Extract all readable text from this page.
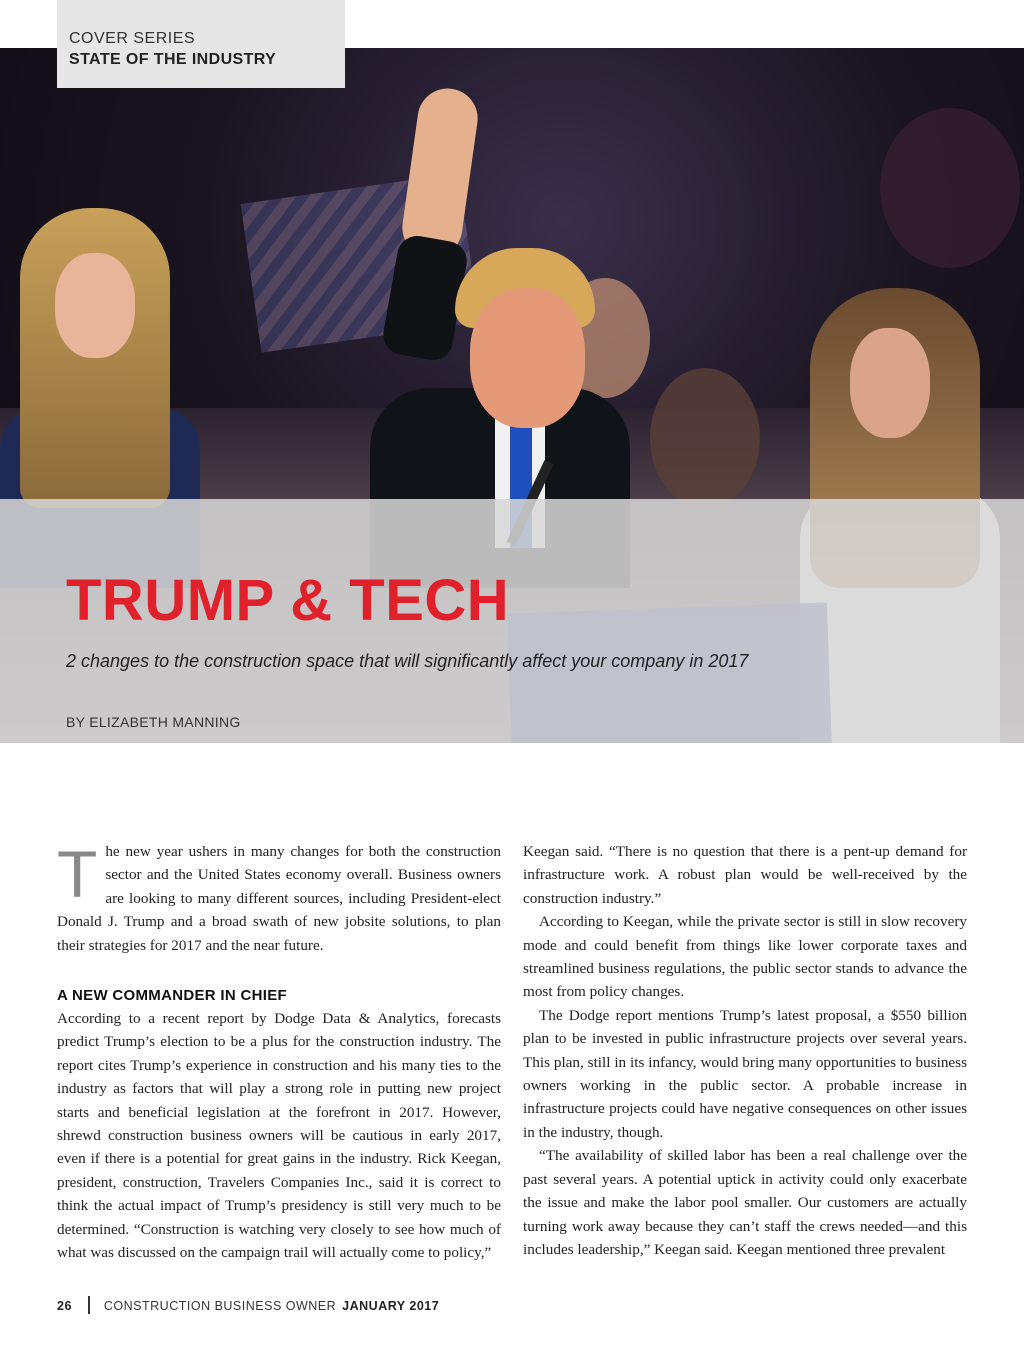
COVER SERIES
STATE OF THE INDUSTRY
TRUMP & TECH
2 changes to the construction space that will significantly affect your company in 2017
BY ELIZABETH MANNING

The new year ushers in many changes for both the construction sector and the United States economy overall. Business owners are looking to many different sources, including President-elect Donald J. Trump and a broad swath of new jobsite solutions, to plan their strategies for 2017 and the near future.

A NEW COMMANDER IN CHIEF

According to a recent report by Dodge Data & Analytics, forecasts predict Trump’s election to be a plus for the construction industry. The report cites Trump’s experience in construction and his many ties to the industry as factors that will play a strong role in putting new project starts and beneficial legislation at the forefront in 2017. However, shrewd construction business owners will be cautious in early 2017, even if there is a potential for great gains in the industry. Rick Keegan, president, construction, Travelers Companies Inc., said it is correct to think the actual impact of Trump’s presidency is still very much to be determined. “Construction is watching very closely to see how much of what was discussed on the campaign trail will actually come to policy,”

Keegan said. “There is no question that there is a pent-up demand for infrastructure work. A robust plan would be well-received by the construction industry.”

According to Keegan, while the private sector is still in slow recovery mode and could benefit from things like lower corporate taxes and streamlined business regulations, the public sector stands to advance the most from policy changes.

The Dodge report mentions Trump’s latest proposal, a $550 billion plan to be invested in public infrastructure projects over several years. This plan, still in its infancy, would bring many opportunities to business owners working in the public sector. A probable increase in infrastructure projects could have negative consequences on other issues in the industry, though.

“The availability of skilled labor has been a real challenge over the past several years. A potential uptick in activity could only exacerbate the issue and make the labor pool smaller. Our customers are actually turning work away because they can’t staff the crews needed—and this includes leadership,” Keegan said. Keegan mentioned three prevalent

26	CONSTRUCTION BUSINESS OWNER JANUARY 2017
